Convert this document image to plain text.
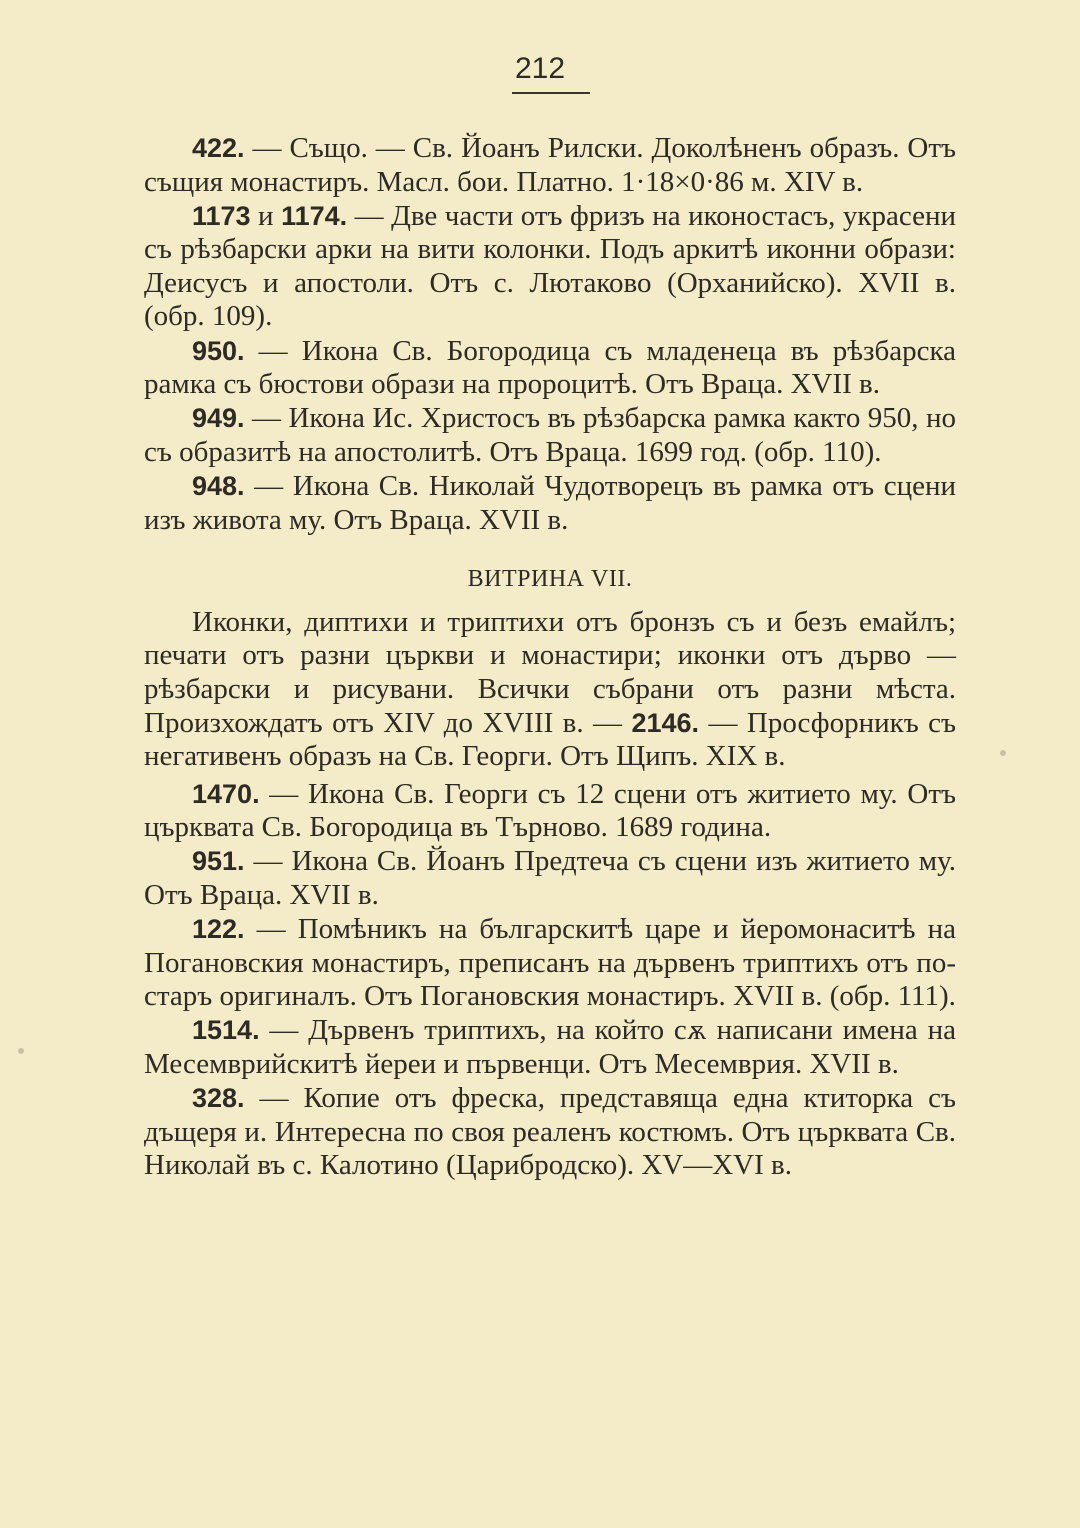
212

422. — Също. — Св. Йоанъ Рилски. Доколѣненъ образъ. Отъ същия монастиръ. Масл. бои. Платно. 1·18×0·86 м. XIV в.

1173 и 1174. — Две части отъ фризъ на иконостасъ, украсени съ рѣзбарски арки на вити колонки. Подъ аркитѣ иконни образи: Деисусъ и апостоли. Отъ с. Лютаково (Орханийско). XVII в. (обр. 109).

950. — Икона Св. Богородица съ младенеца въ рѣзбарска рамка съ бюстови образи на пророцитѣ. Отъ Враца. XVII в.

949. — Икона Ис. Христосъ въ рѣзбарска рамка както 950, но съ образитѣ на апостолитѣ. Отъ Враца. 1699 год. (обр. 110).

948. — Икона Св. Николай Чудотворецъ въ рамка отъ сцени изъ живота му. Отъ Враца. XVII в.

ВИТРИНА VII.

Иконки, диптихи и триптихи отъ бронзъ съ и безъ емайлъ; печати отъ разни църкви и монастири; иконки отъ дърво — рѣзбарски и рисувани. Всички събрани отъ разни мѣста. Произхождатъ отъ XIV до XVIII в. — 2146. — Просфорникъ съ негативенъ образъ на Св. Георги. Отъ Щипъ. XIX в.

1470. — Икона Св. Георги съ 12 сцени отъ житието му. Отъ църквата Св. Богородица въ Търново. 1689 година.

951. — Икона Св. Йоанъ Предтеча съ сцени изъ житието му. Отъ Враца. XVII в.

122. — Помѣникъ на българскитѣ царе и йеромонаситѣ на Погановския монастиръ, преписанъ на дървенъ триптихъ отъ по-старъ оригиналъ. Отъ Погановския монастиръ. XVII в. (обр. 111).

1514. — Дървенъ триптихъ, на който сѫ написани имена на Месемврийскитѣ йереи и първенци. Отъ Месемврия. XVII в.

328. — Копие отъ фреска, представяща една ктиторка съ дъщеря и. Интересна по своя реаленъ костюмъ. Отъ църквата Св. Николай въ с. Калотино (Царибродско). XV—XVI в.
